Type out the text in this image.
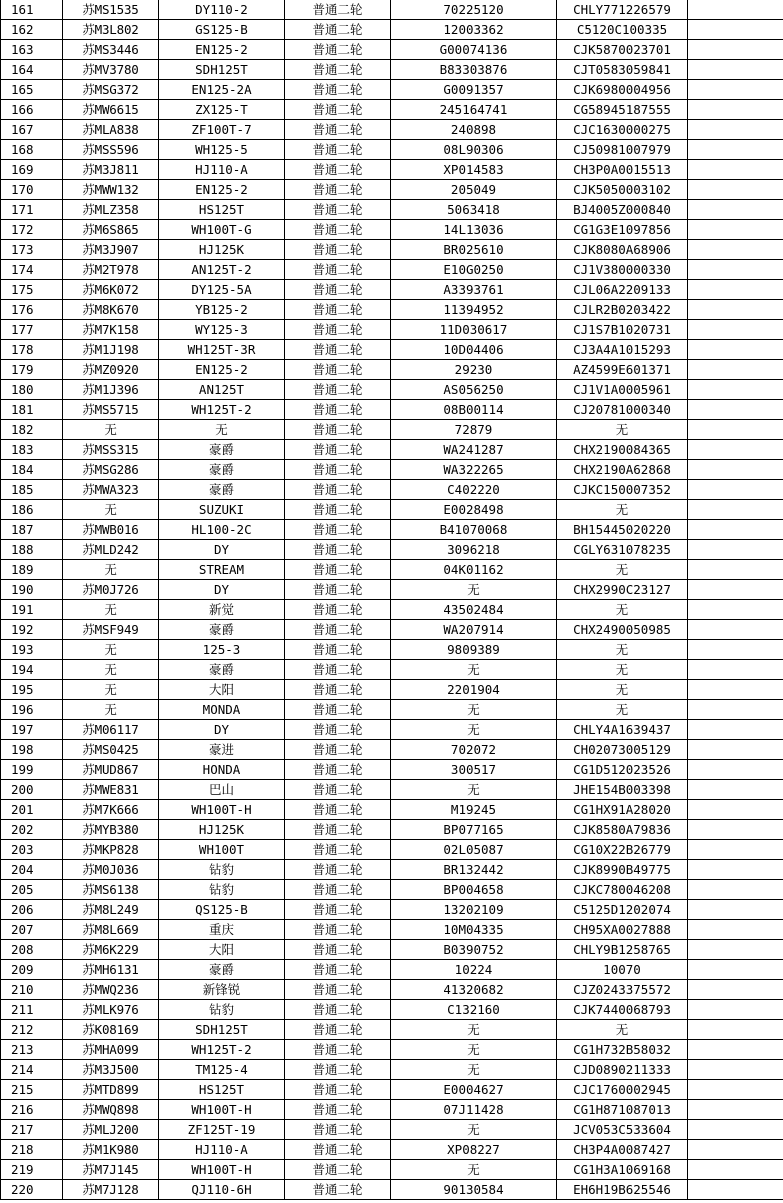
161	苏MS1535	DY110-2	普通二轮	70225120	CHLY771226579	
162	苏M3L802	GS125-B	普通二轮	12003362	C5120C100335	
163	苏MS3446	EN125-2	普通二轮	G00074136	CJK5870023701	
164	苏MV3780	SDH125T	普通二轮	B83303876	CJT0583059841	
165	苏MSG372	EN125-2A	普通二轮	G0091357	CJK6980004956	
166	苏MW6615	ZX125-T	普通二轮	245164741	CG58945187555	
167	苏MLA838	ZF100T-7	普通二轮	240898	CJC1630000275	
168	苏MSS596	WH125-5	普通二轮	08L90306	CJ50981007979	
169	苏M3J811	HJ110-A	普通二轮	XP014583	CH3P0A0015513	
170	苏MWW132	EN125-2	普通二轮	205049	CJK5050003102	
171	苏MLZ358	HS125T	普通二轮	5063418	BJ4005Z000840	
172	苏M6S865	WH100T-G	普通二轮	14L13036	CG1G3E1097856	
173	苏M3J907	HJ125K	普通二轮	BR025610	CJK8080A68906	
174	苏M2T978	AN125T-2	普通二轮	E10G0250	CJ1V380000330	
175	苏M6K072	DY125-5A	普通二轮	A3393761	CJL06A2209133	
176	苏M8K670	YB125-2	普通二轮	11394952	CJLR2B0203422	
177	苏M7K158	WY125-3	普通二轮	11D030617	CJ1S7B1020731	
178	苏M1J198	WH125T-3R	普通二轮	10D04406	CJ3A4A1015293	
179	苏MZ0920	EN125-2	普通二轮	29230	AZ4599E601371	
180	苏M1J396	AN125T	普通二轮	AS056250	CJ1V1A0005961	
181	苏MS5715	WH125T-2	普通二轮	08B00114	CJ20781000340	
182	无	无	普通二轮	72879	无	
183	苏MSS315	豪爵	普通二轮	WA241287	CHX2190084365	
184	苏MSG286	豪爵	普通二轮	WA322265	CHX2190A62868	
185	苏MWA323	豪爵	普通二轮	C402220	CJKC150007352	
186	无	SUZUKI	普通二轮	E0028498	无	
187	苏MWB016	HL100-2C	普通二轮	B41070068	BH15445020220	
188	苏MLD242	DY	普通二轮	3096218	CGLY631078235	
189	无	STREAM	普通二轮	04K01162	无	
190	苏M0J726	DY	普通二轮	无	CHX2990C23127	
191	无	新觉	普通二轮	43502484	无	
192	苏MSF949	豪爵	普通二轮	WA207914	CHX2490050985	
193	无	125-3	普通二轮	9809389	无	
194	无	豪爵	普通二轮	无	无	
195	无	大阳	普通二轮	2201904	无	
196	无	MONDA	普通二轮	无	无	
197	苏M06117	DY	普通二轮	无	CHLY4A1639437	
198	苏MS0425	豪进	普通二轮	702072	CH02073005129	
199	苏MUD867	HONDA	普通二轮	300517	CG1D512023526	
200	苏MWE831	巴山	普通二轮	无	JHE154B003398	
201	苏M7K666	WH100T-H	普通二轮	M19245	CG1HX91A28020	
202	苏MYB380	HJ125K	普通二轮	BP077165	CJK8580A79836	
203	苏MKP828	WH100T	普通二轮	02L05087	CG10X22B26779	
204	苏M0J036	钻豹	普通二轮	BR132442	CJK8990B49775	
205	苏MS6138	钻豹	普通二轮	BP004658	CJKC780046208	
206	苏M8L249	QS125-B	普通二轮	13202109	C5125D1202074	
207	苏M8L669	重庆	普通二轮	10M04335	CH95XA0027888	
208	苏M6K229	大阳	普通二轮	B0390752	CHLY9B1258765	
209	苏MH6131	豪爵	普通二轮	10224	10070	
210	苏MWQ236	新锋锐	普通二轮	41320682	CJZ0243375572	
211	苏MLK976	钻豹	普通二轮	C132160	CJK7440068793	
212	苏K08169	SDH125T	普通二轮	无	无	
213	苏MHA099	WH125T-2	普通二轮	无	CG1H732B58032	
214	苏M3J500	TM125-4	普通二轮	无	CJD0890211333	
215	苏MTD899	HS125T	普通二轮	E0004627	CJC1760002945	
216	苏MWQ898	WH100T-H	普通二轮	07J11428	CG1H871087013	
217	苏MLJ200	ZF125T-19	普通二轮	无	JCV053C533604	
218	苏M1K980	HJ110-A	普通二轮	XP08227	CH3P4A0087427	
219	苏M7J145	WH100T-H	普通二轮	无	CG1H3A1069168	
220	苏M7J128	QJ110-6H	普通二轮	90130584	EH6H19B625546	
